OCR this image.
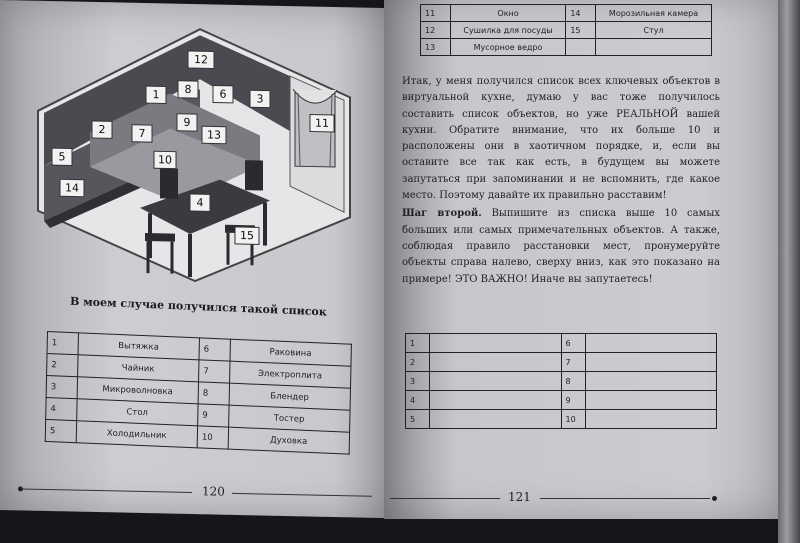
1
2
3
4
5
6
7
8
9
10
11
12
13
14
15
В моем случае получился такой список
1	Вытяжка	6	Раковина
2	Чайник	7	Электроплита
3	Микроволновка	8	Блендер
4	Стол	9	Тостер
5	Холодильник	10	Духовка
120
11	Окно	14	Морозильная камера
12	Сушилка для посуды	15	Стул
13	Мусорное ведро		

Итак, у меня получился список всех ключевых объектов в виртуальной кухне, думаю у вас тоже получилось составить список объектов, но уже РЕАЛЬНОЙ вашей кухни. Обратите внимание, что их больше 10 и расположены они в хаотичном порядке, и, если вы оставите все так как есть, в будущем вы можете запутаться при запоминании и не вспомнить, где какое место. Поэтому давайте их правильно расставим!

Шаг второй. Выпишите из списка выше 10 самых больших или самых примечательных объектов. А также, соблюдая правило расстановки мест, пронумеруйте объекты справа налево, сверху вниз, как это показано на примере! ЭТО ВАЖНО! Иначе вы запутаетесь!

1		6	
2		7	
3		8	
4		9	
5		10	
121
